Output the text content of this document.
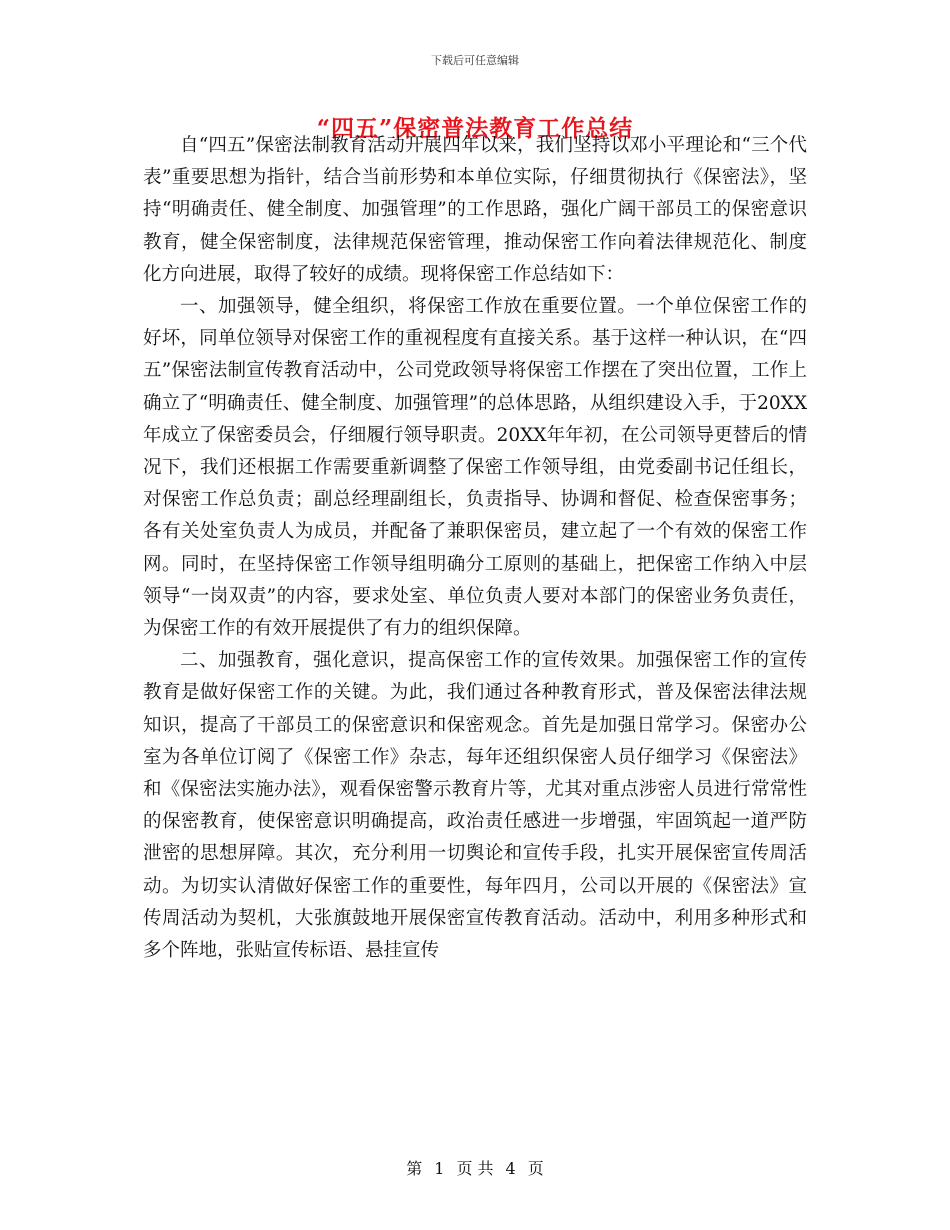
下载后可任意编辑
“四五”保密普法教育工作总结

自“四五”保密法制教育活动开展四年以来，我们坚持以邓小平理论和“三个代表”重要思想为指针，结合当前形势和本单位实际，仔细贯彻执行《保密法》，坚持“明确责任、健全制度、加强管理”的工作思路，强化广阔干部员工的保密意识教育，健全保密制度，法律规范保密管理，推动保密工作向着法律规范化、制度化方向进展，取得了较好的成绩。现将保密工作总结如下：

一、加强领导，健全组织，将保密工作放在重要位置。一个单位保密工作的好坏，同单位领导对保密工作的重视程度有直接关系。基于这样一种认识，在“四五”保密法制宣传教育活动中，公司党政领导将保密工作摆在了突出位置，工作上确立了“明确责任、健全制度、加强管理”的总体思路，从组织建设入手，于20XX年成立了保密委员会，仔细履行领导职责。20XX年年初，在公司领导更替后的情况下，我们还根据工作需要重新调整了保密工作领导组，由党委副书记任组长，对保密工作总负责；副总经理副组长，负责指导、协调和督促、检查保密事务；各有关处室负责人为成员，并配备了兼职保密员，建立起了一个有效的保密工作网。同时，在坚持保密工作领导组明确分工原则的基础上，把保密工作纳入中层领导“一岗双责”的内容，要求处室、单位负责人要对本部门的保密业务负责任，为保密工作的有效开展提供了有力的组织保障。

二、加强教育，强化意识，提高保密工作的宣传效果。加强保密工作的宣传教育是做好保密工作的关键。为此，我们通过各种教育形式，普及保密法律法规知识，提高了干部员工的保密意识和保密观念。首先是加强日常学习。保密办公室为各单位订阅了《保密工作》杂志，每年还组织保密人员仔细学习《保密法》和《保密法实施办法》，观看保密警示教育片等，尤其对重点涉密人员进行常常性的保密教育，使保密意识明确提高，政治责任感进一步增强，牢固筑起一道严防泄密的思想屏障。其次，充分利用一切舆论和宣传手段，扎实开展保密宣传周活动。为切实认清做好保密工作的重要性，每年四月，公司以开展的《保密法》宣传周活动为契机，大张旗鼓地开展保密宣传教育活动。活动中，利用多种形式和多个阵地，张贴宣传标语、悬挂宣传

第 1 页 共 4 页
